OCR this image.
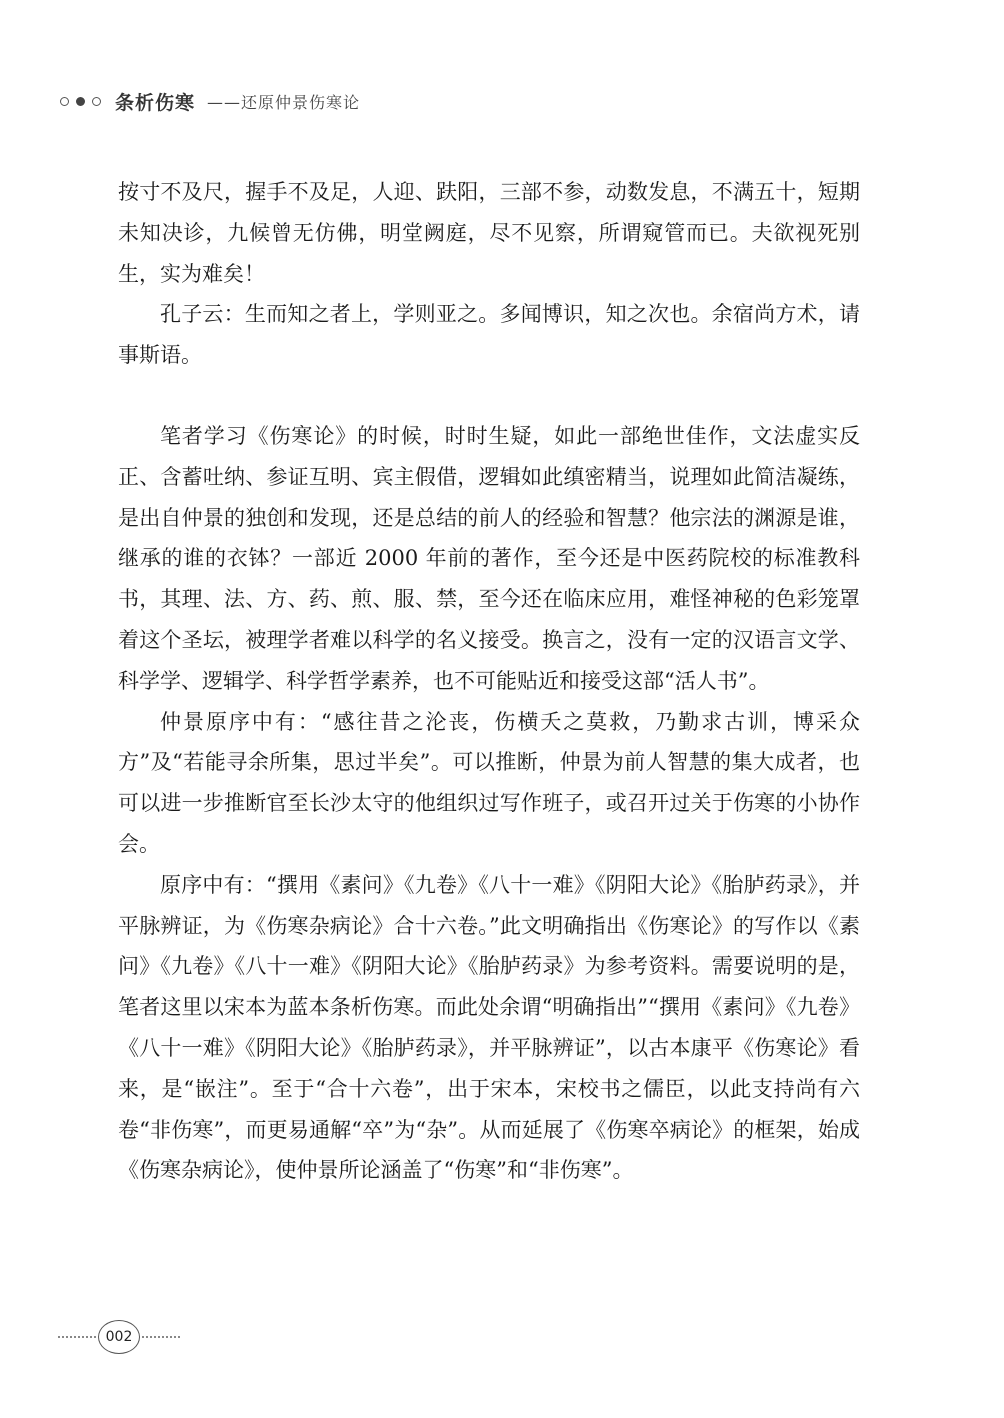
条析伤寒 ——还原仲景伤寒论

按寸不及尺，握手不及足，人迎、趺阳，三部不参，动数发息，不满五十，短期未知决诊，九候曾无仿佛，明堂阙庭，尽不见察，所谓窥管而已。夫欲视死别生，实为难矣！

孔子云：生而知之者上，学则亚之。多闻博识，知之次也。余宿尚方术，请事斯语。

笔者学习《伤寒论》的时候，时时生疑，如此一部绝世佳作，文法虚实反正、含蓄吐纳、参证互明、宾主假借，逻辑如此缜密精当，说理如此简洁凝练，是出自仲景的独创和发现，还是总结的前人的经验和智慧？他宗法的渊源是谁，继承的谁的衣钵？一部近 2000 年前的著作，至今还是中医药院校的标准教科书，其理、法、方、药、煎、服、禁，至今还在临床应用，难怪神秘的色彩笼罩着这个圣坛，被理学者难以科学的名义接受。换言之，没有一定的汉语言文学、科学学、逻辑学、科学哲学素养，也不可能贴近和接受这部“活人书”。

仲景原序中有：“感往昔之沦丧，伤横夭之莫救，乃勤求古训，博采众方”及“若能寻余所集，思过半矣”。可以推断，仲景为前人智慧的集大成者，也可以进一步推断官至长沙太守的他组织过写作班子，或召开过关于伤寒的小协作会。

原序中有：“撰用《素问》《九卷》《八十一难》《阴阳大论》《胎胪药录》，并平脉辨证，为《伤寒杂病论》合十六卷。”此文明确指出《伤寒论》的写作以《素问》《九卷》《八十一难》《阴阳大论》《胎胪药录》为参考资料。需要说明的是，笔者这里以宋本为蓝本条析伤寒。而此处余谓“明确指出”“撰用《素问》《九卷》《八十一难》《阴阳大论》《胎胪药录》，并平脉辨证”，以古本康平《伤寒论》看来，是“嵌注”。至于“合十六卷”，出于宋本，宋校书之儒臣，以此支持尚有六卷“非伤寒”，而更易通解“卒”为“杂”。从而延展了《伤寒卒病论》的框架，始成《伤寒杂病论》，使仲景所论涵盖了“伤寒”和“非伤寒”。

002
